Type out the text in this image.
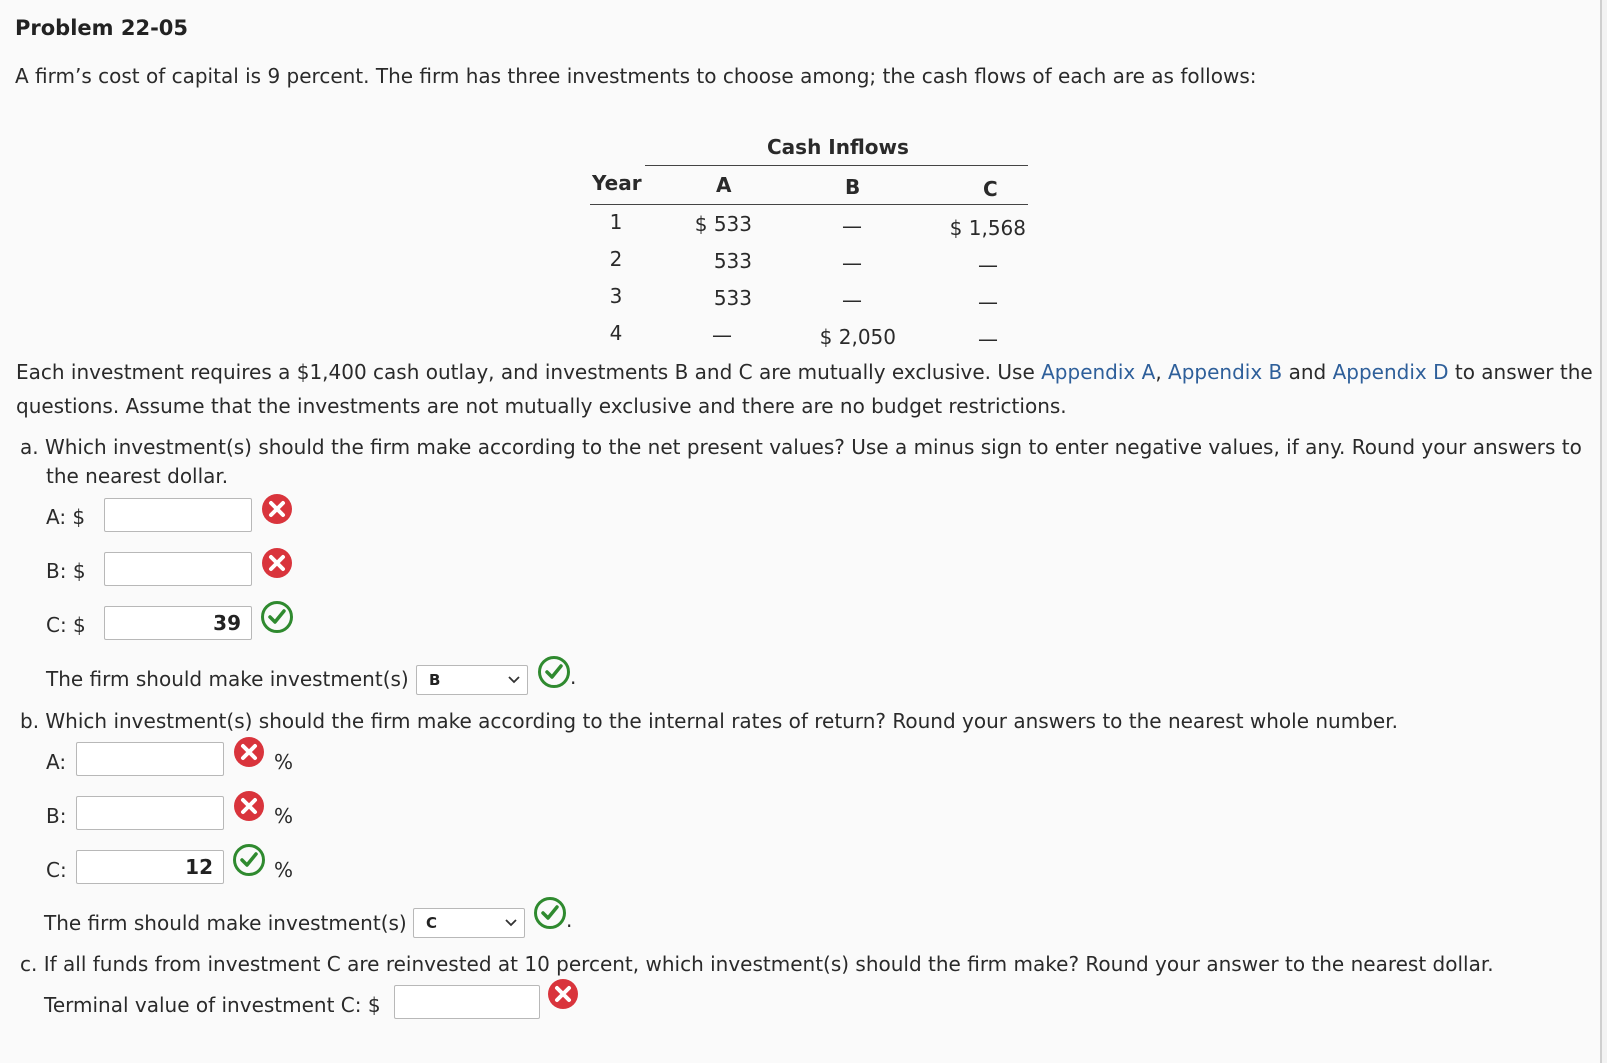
Problem 22-05
A firm’s cost of capital is 9 percent. The firm has three investments to choose among; the cash flows of each are as follows:
Cash Inflows
Year	A	B	C
1	$ 533	—	$ 1,568
2	533	—	—
3	533	—	—
4	—	$ 2,050	—
Each investment requires a $1,400 cash outlay, and investments B and C are mutually exclusive. Use Appendix A, Appendix B and Appendix D to answer the
questions. Assume that the investments are not mutually exclusive and there are no budget restrictions.
a. Which investment(s) should the firm make according to the net present values? Use a minus sign to enter negative values, if any. Round your answers to
the nearest dollar.
A: $
B: $
C: $
39
The firm should make investment(s)	B	.
b. Which investment(s) should the firm make according to the internal rates of return? Round your answers to the nearest whole number.
A:	%
B:	%
C:
12	%
The firm should make investment(s)	C	.
c. If all funds from investment C are reinvested at 10 percent, which investment(s) should the firm make? Round your answer to the nearest dollar.
Terminal value of investment C: $
